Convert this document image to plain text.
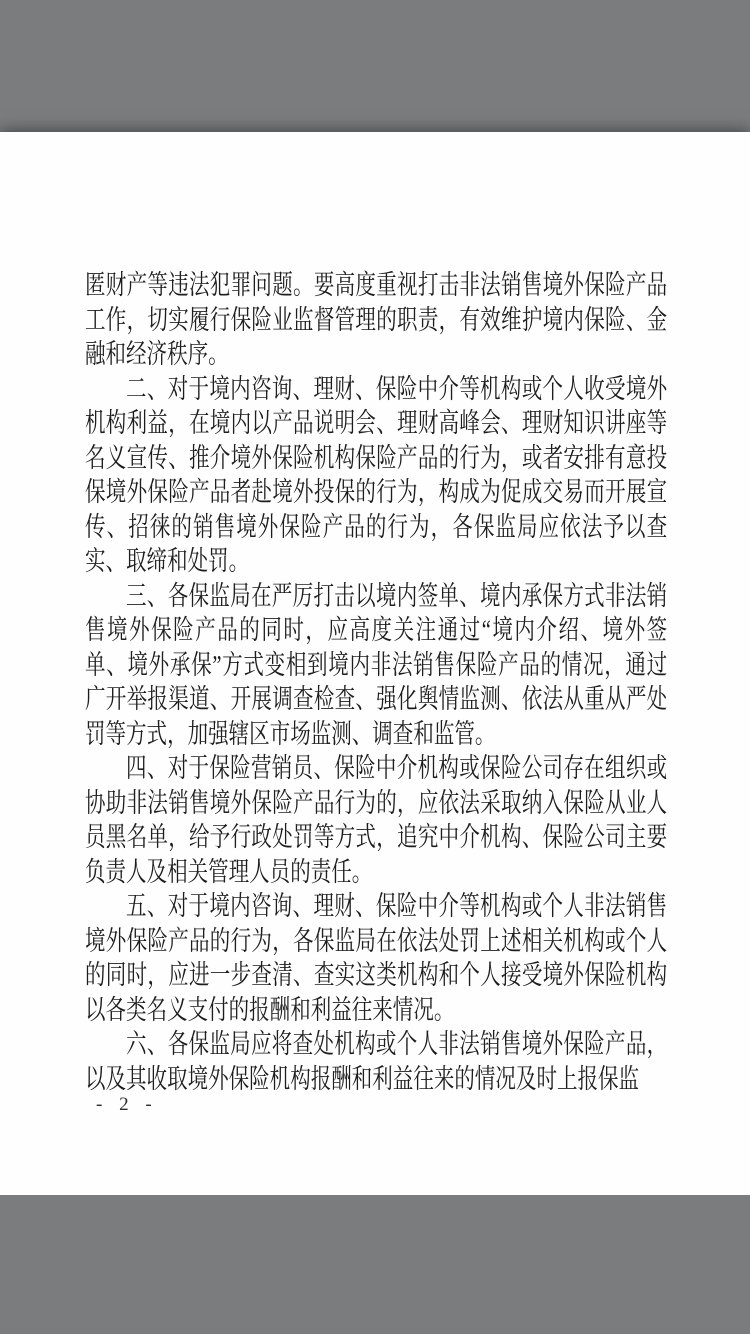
匿财产等违法犯罪问题。要高度重视打击非法销售境外保险产品工作，切实履行保险业监督管理的职责，有效维护境内保险、金融和经济秩序。

二、对于境内咨询、理财、保险中介等机构或个人收受境外机构利益，在境内以产品说明会、理财高峰会、理财知识讲座等名义宣传、推介境外保险机构保险产品的行为，或者安排有意投保境外保险产品者赴境外投保的行为，构成为促成交易而开展宣传、招徕的销售境外保险产品的行为，各保监局应依法予以查实、取缔和处罚。

三、各保监局在严厉打击以境内签单、境内承保方式非法销售境外保险产品的同时，应高度关注通过“境内介绍、境外签单、境外承保”方式变相到境内非法销售保险产品的情况，通过广开举报渠道、开展调查检查、强化舆情监测、依法从重从严处罚等方式，加强辖区市场监测、调查和监管。

四、对于保险营销员、保险中介机构或保险公司存在组织或协助非法销售境外保险产品行为的，应依法采取纳入保险从业人员黑名单，给予行政处罚等方式，追究中介机构、保险公司主要负责人及相关管理人员的责任。

五、对于境内咨询、理财、保险中介等机构或个人非法销售境外保险产品的行为，各保监局在依法处罚上述相关机构或个人的同时，应进一步查清、查实这类机构和个人接受境外保险机构以各类名义支付的报酬和利益往来情况。

六、各保监局应将查处机构或个人非法销售境外保险产品，以及其收取境外保险机构报酬和利益往来的情况及时上报保监

- 2 -
